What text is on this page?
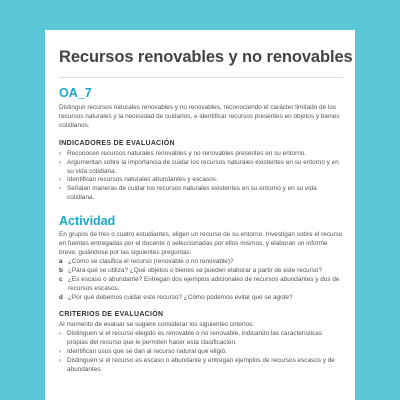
Recursos renovables y no renovables
OA_7

Distinguir recursos naturales renovables y no renovables, reconociendo el carácter limitado de los recursos naturales y la necesidad de cuidarlos, e identificar recursos presentes en objetos y bienes cotidianos.

INDICADORES DE EVALUACIÓN
› Reconocen recursos naturales renovables y no renovables presentes en su entorno.
› Argumentan sobre la importancia de cuidar los recursos naturales existentes en su entorno y en su vida cotidiana.
› Identifican recursos naturales abundantes y escasos.
› Señalan maneras de cuidar los recursos naturales existentes en su entorno y en su vida cotidiana.
Actividad

En grupos de tres o cuatro estudiantes, eligen un recurso de su entorno. Investigan sobre el recurso en fuentes entregadas por el docente o seleccionadas por ellos mismos, y elaboran un informe breve, guiándose por las siguientes preguntas:

a ¿Cómo se clasifica el recurso (renovable o no renovable)?
b ¿Para qué se utiliza? ¿Qué objetos o bienes se pueden elaborar a partir de este recurso?
c ¿Es escaso o abundante? Entregan dos ejemplos adicionales de recursos abundantes y dos de recursos escasos.
d ¿Por qué debemos cuidar este recurso? ¿Cómo podemos evitar que se agote?
CRITERIOS DE EVALUACIÓN

Al momento de evaluar se sugiere considerar los siguientes criterios:

› Distinguen si el recurso elegido es renovable o no renovable, indicando las características propias del recurso que le permiten hacer esta clasificación.
› Identifican usos que se dan al recurso natural que eligió.
› Distinguen si el recurso es escaso o abundante y entregan ejemplos de recursos escasos y de abundantes.
